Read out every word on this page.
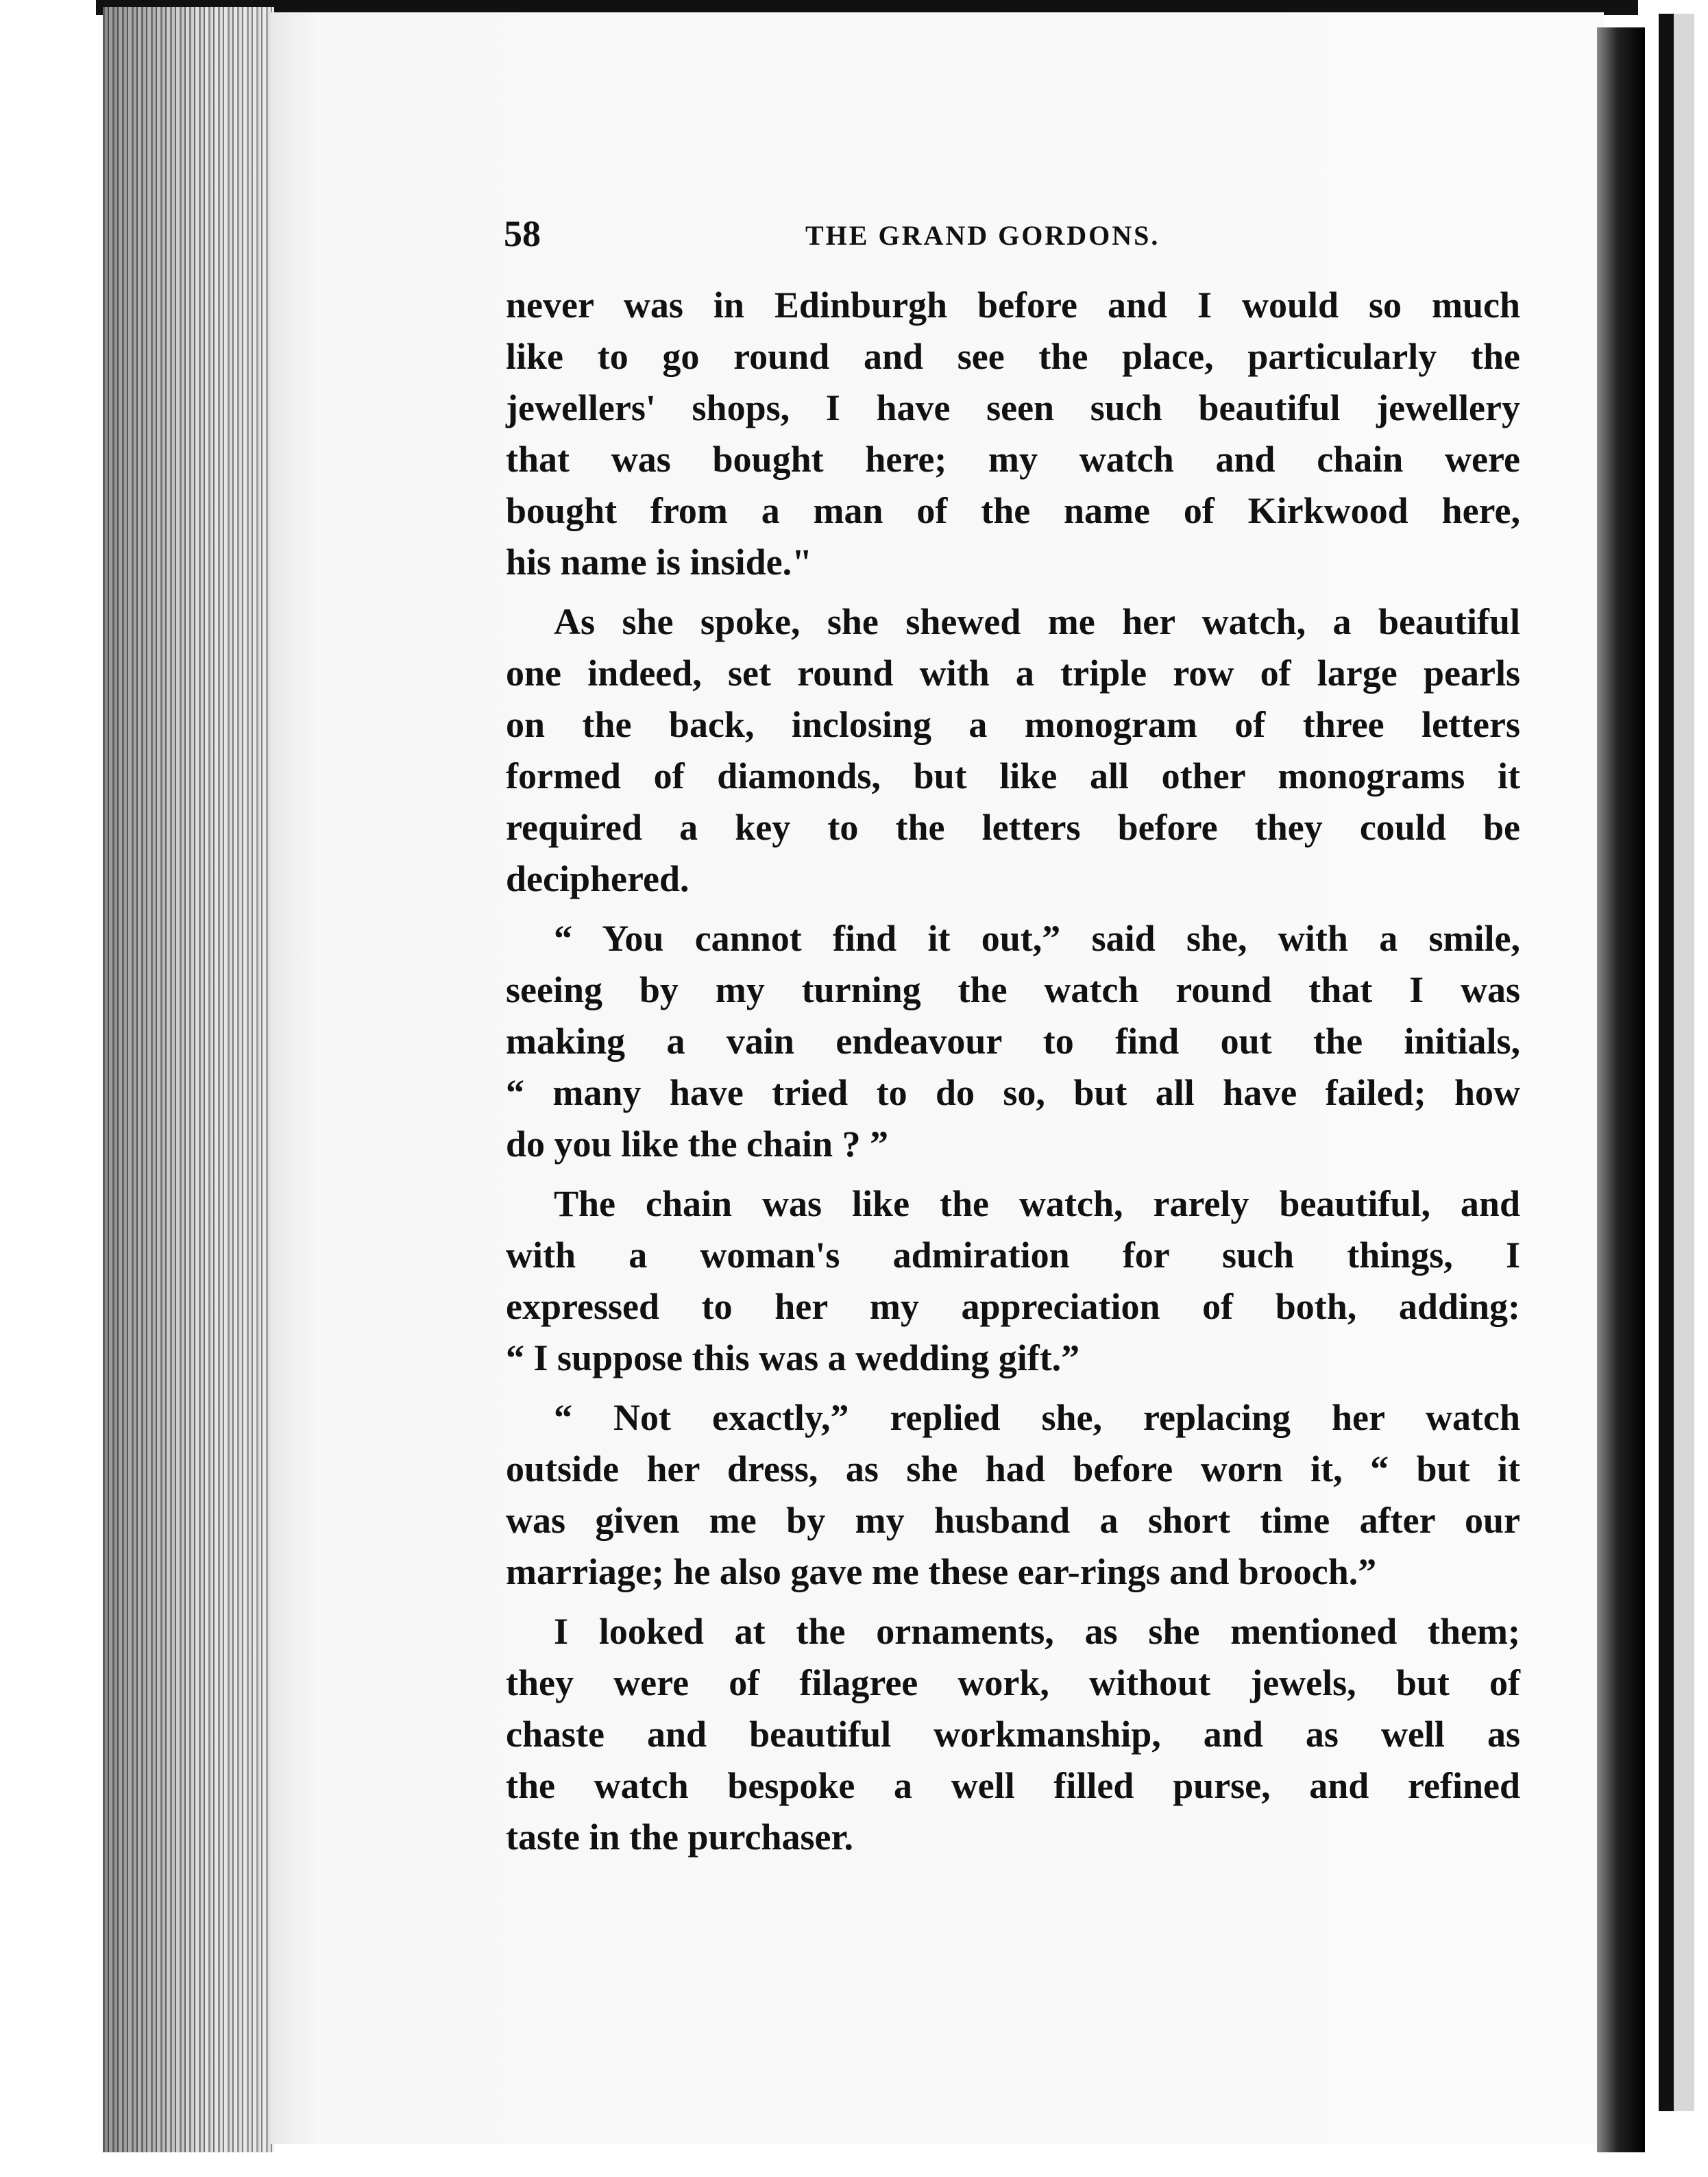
58	THE GRAND GORDONS.
never was in Edinburgh before and I would so much
like to go round and see the place, particularly the
jewellers' shops, I have seen such beautiful jewellery
that was bought here; my watch and chain were
bought from a man of the name of Kirkwood here,
his name is inside."
As she spoke, she shewed me her watch, a beautiful
one indeed, set round with a triple row of large pearls
on the back, inclosing a monogram of three letters
formed of diamonds, but like all other monograms it
required a key to the letters before they could be
deciphered.
“ You cannot find it out,” said she, with a smile,
seeing by my turning the watch round that I was
making a vain endeavour to find out the initials,
“ many have tried to do so, but all have failed; how
do you like the chain ? ”
The chain was like the watch, rarely beautiful, and
with a woman's admiration for such things, I
expressed to her my appreciation of both, adding:
“ I suppose this was a wedding gift.”
“ Not exactly,” replied she, replacing her watch
outside her dress, as she had before worn it, “ but it
was given me by my husband a short time after our
marriage; he also gave me these ear-rings and brooch.”
I looked at the ornaments, as she mentioned them;
they were of filagree work, without jewels, but of
chaste and beautiful workmanship, and as well as
the watch bespoke a well filled purse, and refined
taste in the purchaser.
